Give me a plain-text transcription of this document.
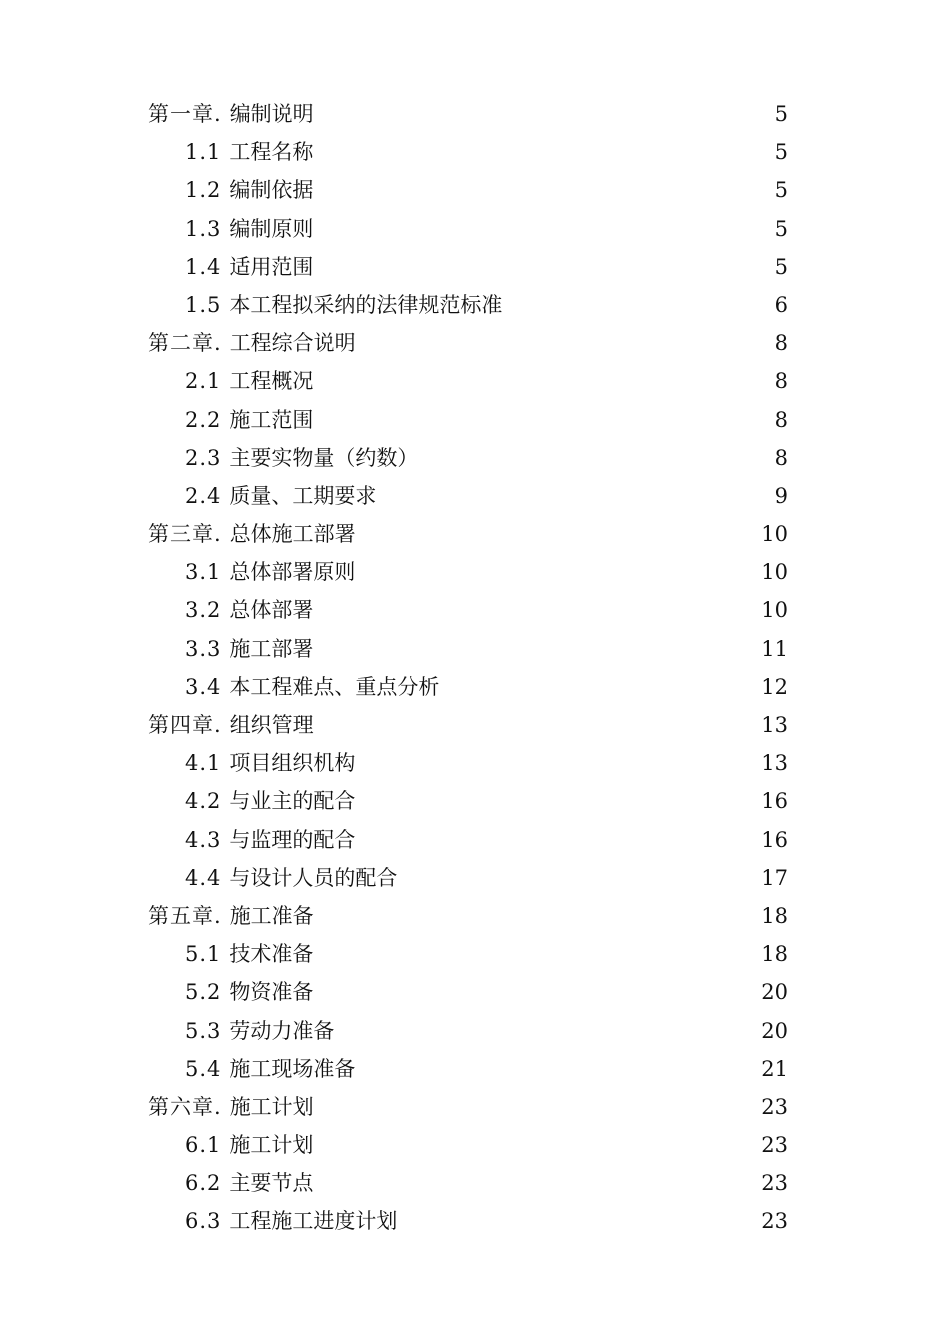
第一章. 编制说明	5
1.1 工程名称	5
1.2 编制依据	5
1.3 编制原则	5
1.4 适用范围	5
1.5 本工程拟采纳的法律规范标准	6
第二章. 工程综合说明	8
2.1 工程概况	8
2.2 施工范围	8
2.3 主要实物量（约数）	8
2.4 质量、工期要求	9
第三章. 总体施工部署	10
3.1 总体部署原则	10
3.2 总体部署	10
3.3 施工部署	11
3.4 本工程难点、重点分析	12
第四章. 组织管理	13
4.1 项目组织机构	13
4.2 与业主的配合	16
4.3 与监理的配合	16
4.4 与设计人员的配合	17
第五章. 施工准备	18
5.1 技术准备	18
5.2 物资准备	20
5.3 劳动力准备	20
5.4 施工现场准备	21
第六章. 施工计划	23
6.1 施工计划	23
6.2 主要节点	23
6.3 工程施工进度计划	23
